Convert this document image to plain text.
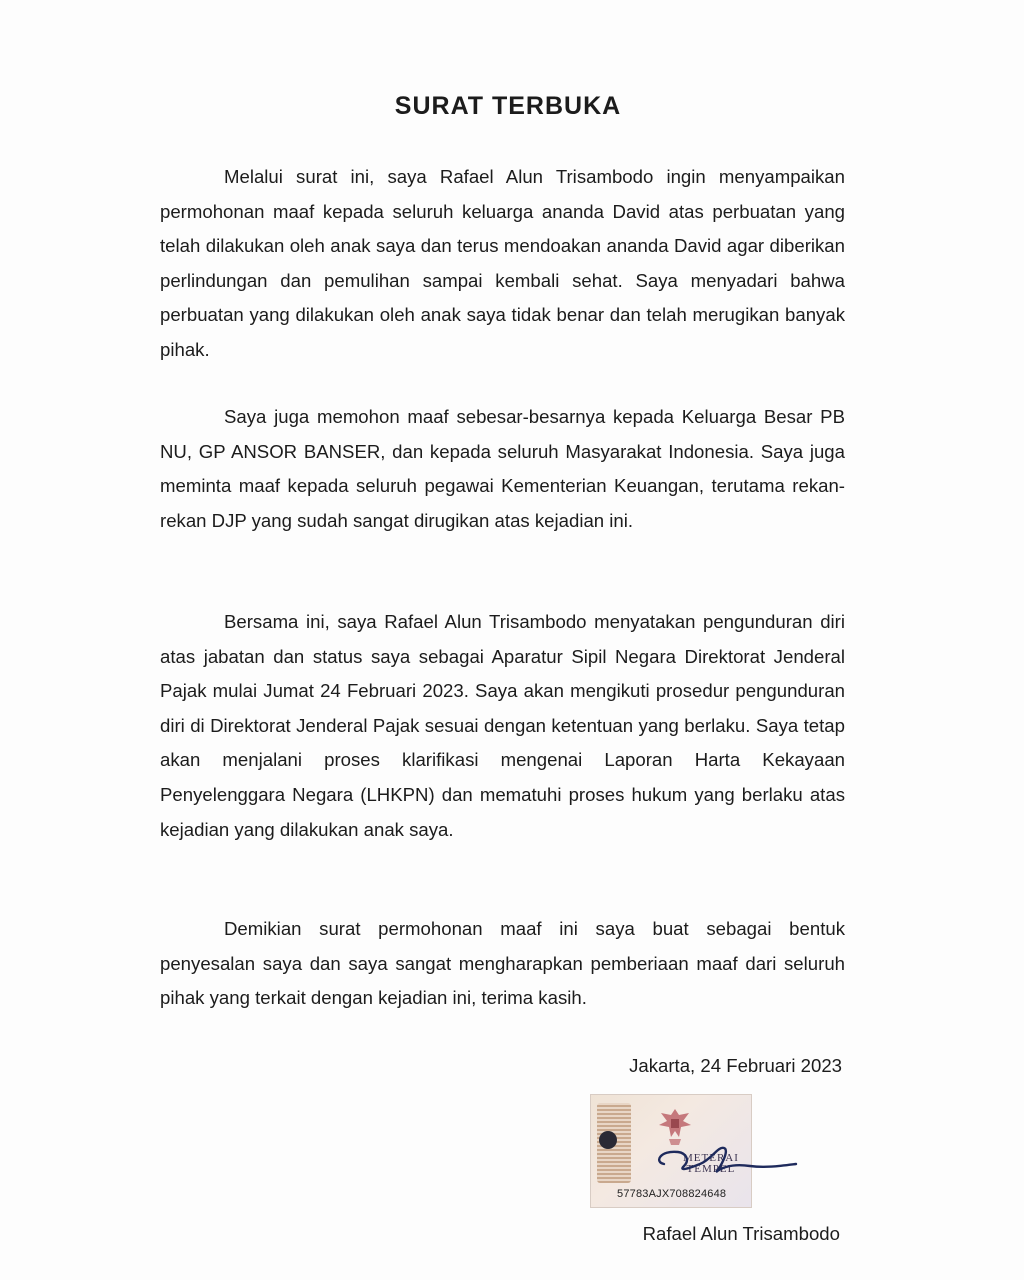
SURAT TERBUKA

Melalui surat ini, saya Rafael Alun Trisambodo ingin menyampaikan permohonan maaf kepada seluruh keluarga ananda David atas perbuatan yang telah dilakukan oleh anak saya dan terus mendoakan ananda David agar diberikan perlindungan dan pemulihan sampai kembali sehat. Saya menyadari bahwa perbuatan yang dilakukan oleh anak saya tidak benar dan telah merugikan banyak pihak.

Saya juga memohon maaf sebesar-besarnya kepada Keluarga Besar PB NU, GP ANSOR BANSER, dan kepada seluruh Masyarakat Indonesia. Saya juga meminta maaf kepada seluruh pegawai Kementerian Keuangan, terutama rekan-rekan DJP yang sudah sangat dirugikan atas kejadian ini.

Bersama ini, saya Rafael Alun Trisambodo menyatakan pengunduran diri atas jabatan dan status saya sebagai Aparatur Sipil Negara Direktorat Jenderal Pajak mulai Jumat 24 Februari 2023. Saya akan mengikuti prosedur pengunduran diri di Direktorat Jenderal Pajak sesuai dengan ketentuan yang berlaku. Saya tetap akan menjalani proses klarifikasi mengenai Laporan Harta Kekayaan Penyelenggara Negara (LHKPN) dan mematuhi proses hukum yang berlaku atas kejadian yang dilakukan anak saya.

Demikian surat permohonan maaf ini saya buat sebagai bentuk penyesalan saya dan saya sangat mengharapkan pemberiaan maaf dari seluruh pihak yang terkait dengan kejadian ini, terima kasih.

Jakarta, 24 Februari 2023
METERAI
TEMPEL
57783AJX708824648
Rafael Alun Trisambodo
